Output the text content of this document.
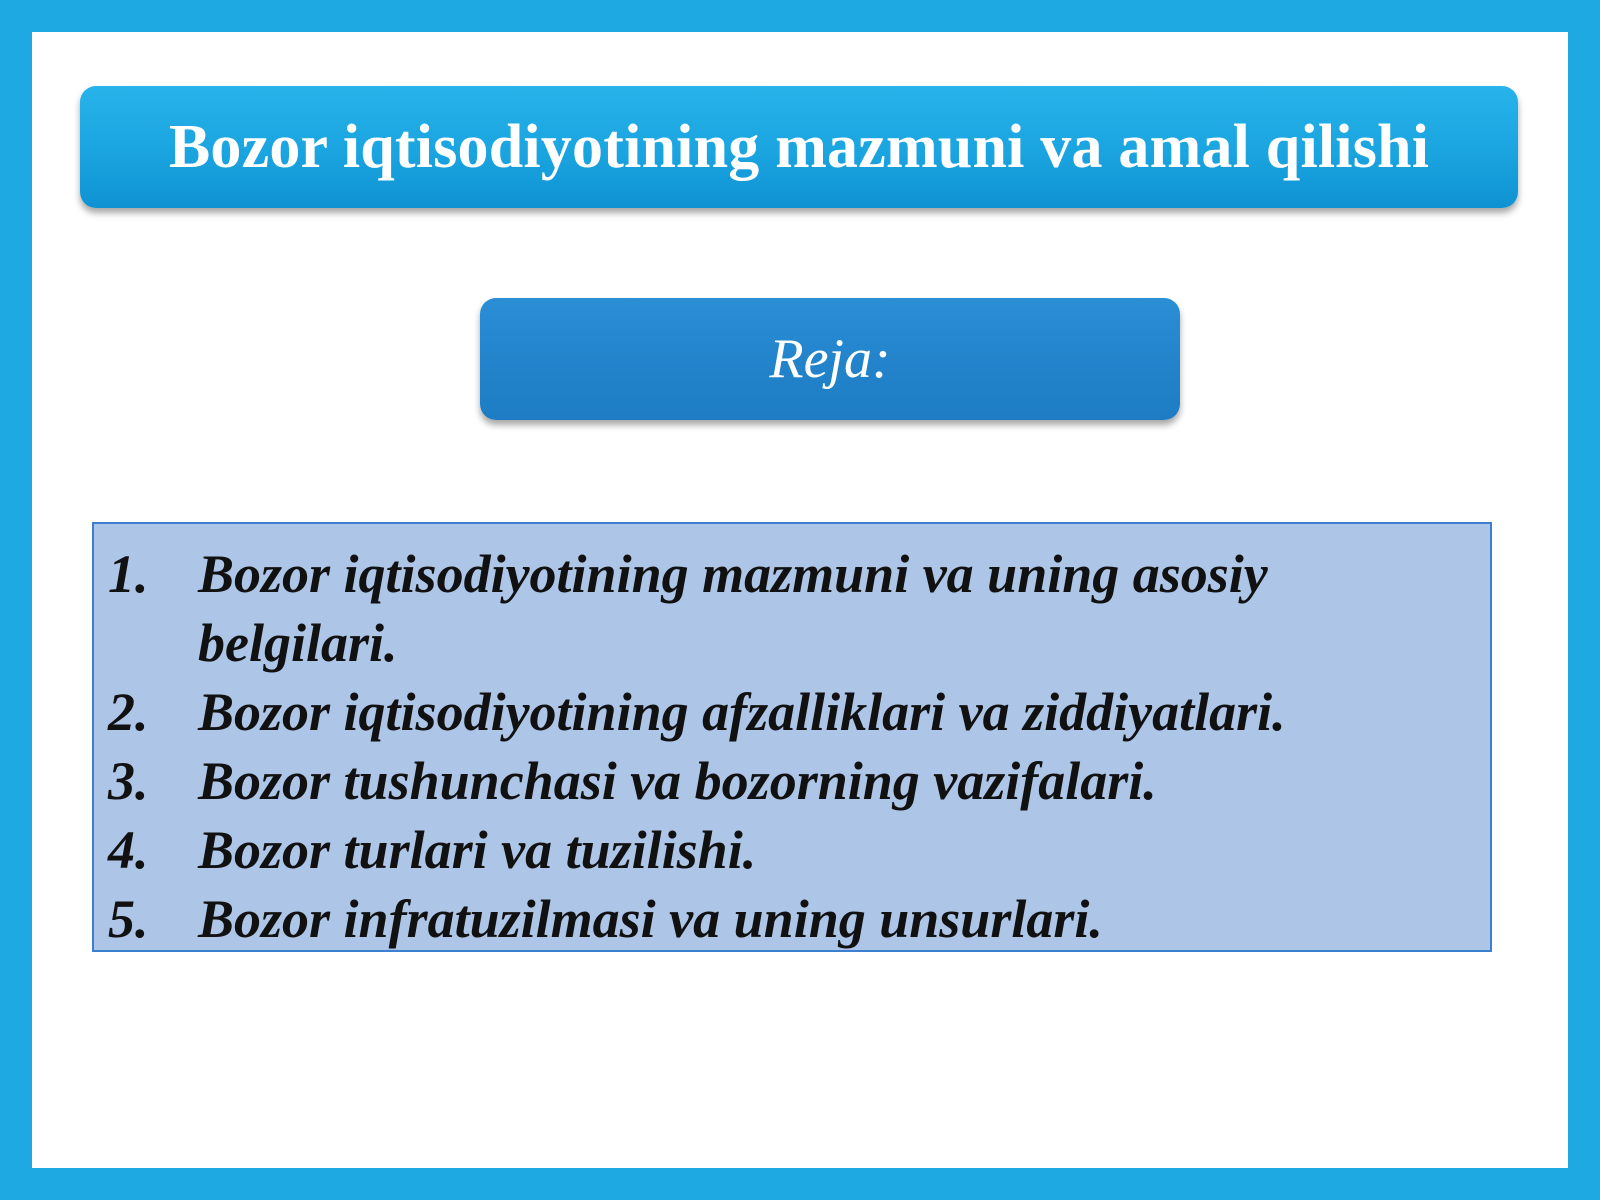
Bozor iqtisodiyotining mazmuni va amal qilishi
Reja:
1. Bozor iqtisodiyotining mazmuni va uning asosiy belgilari.
2. Bozor iqtisodiyotining afzalliklari va ziddiyatlari.
3. Bozor tushunchasi va bozorning vazifalari.
4. Bozor turlari va tuzilishi.
5. Bozor infratuzilmasi va uning unsurlari.
